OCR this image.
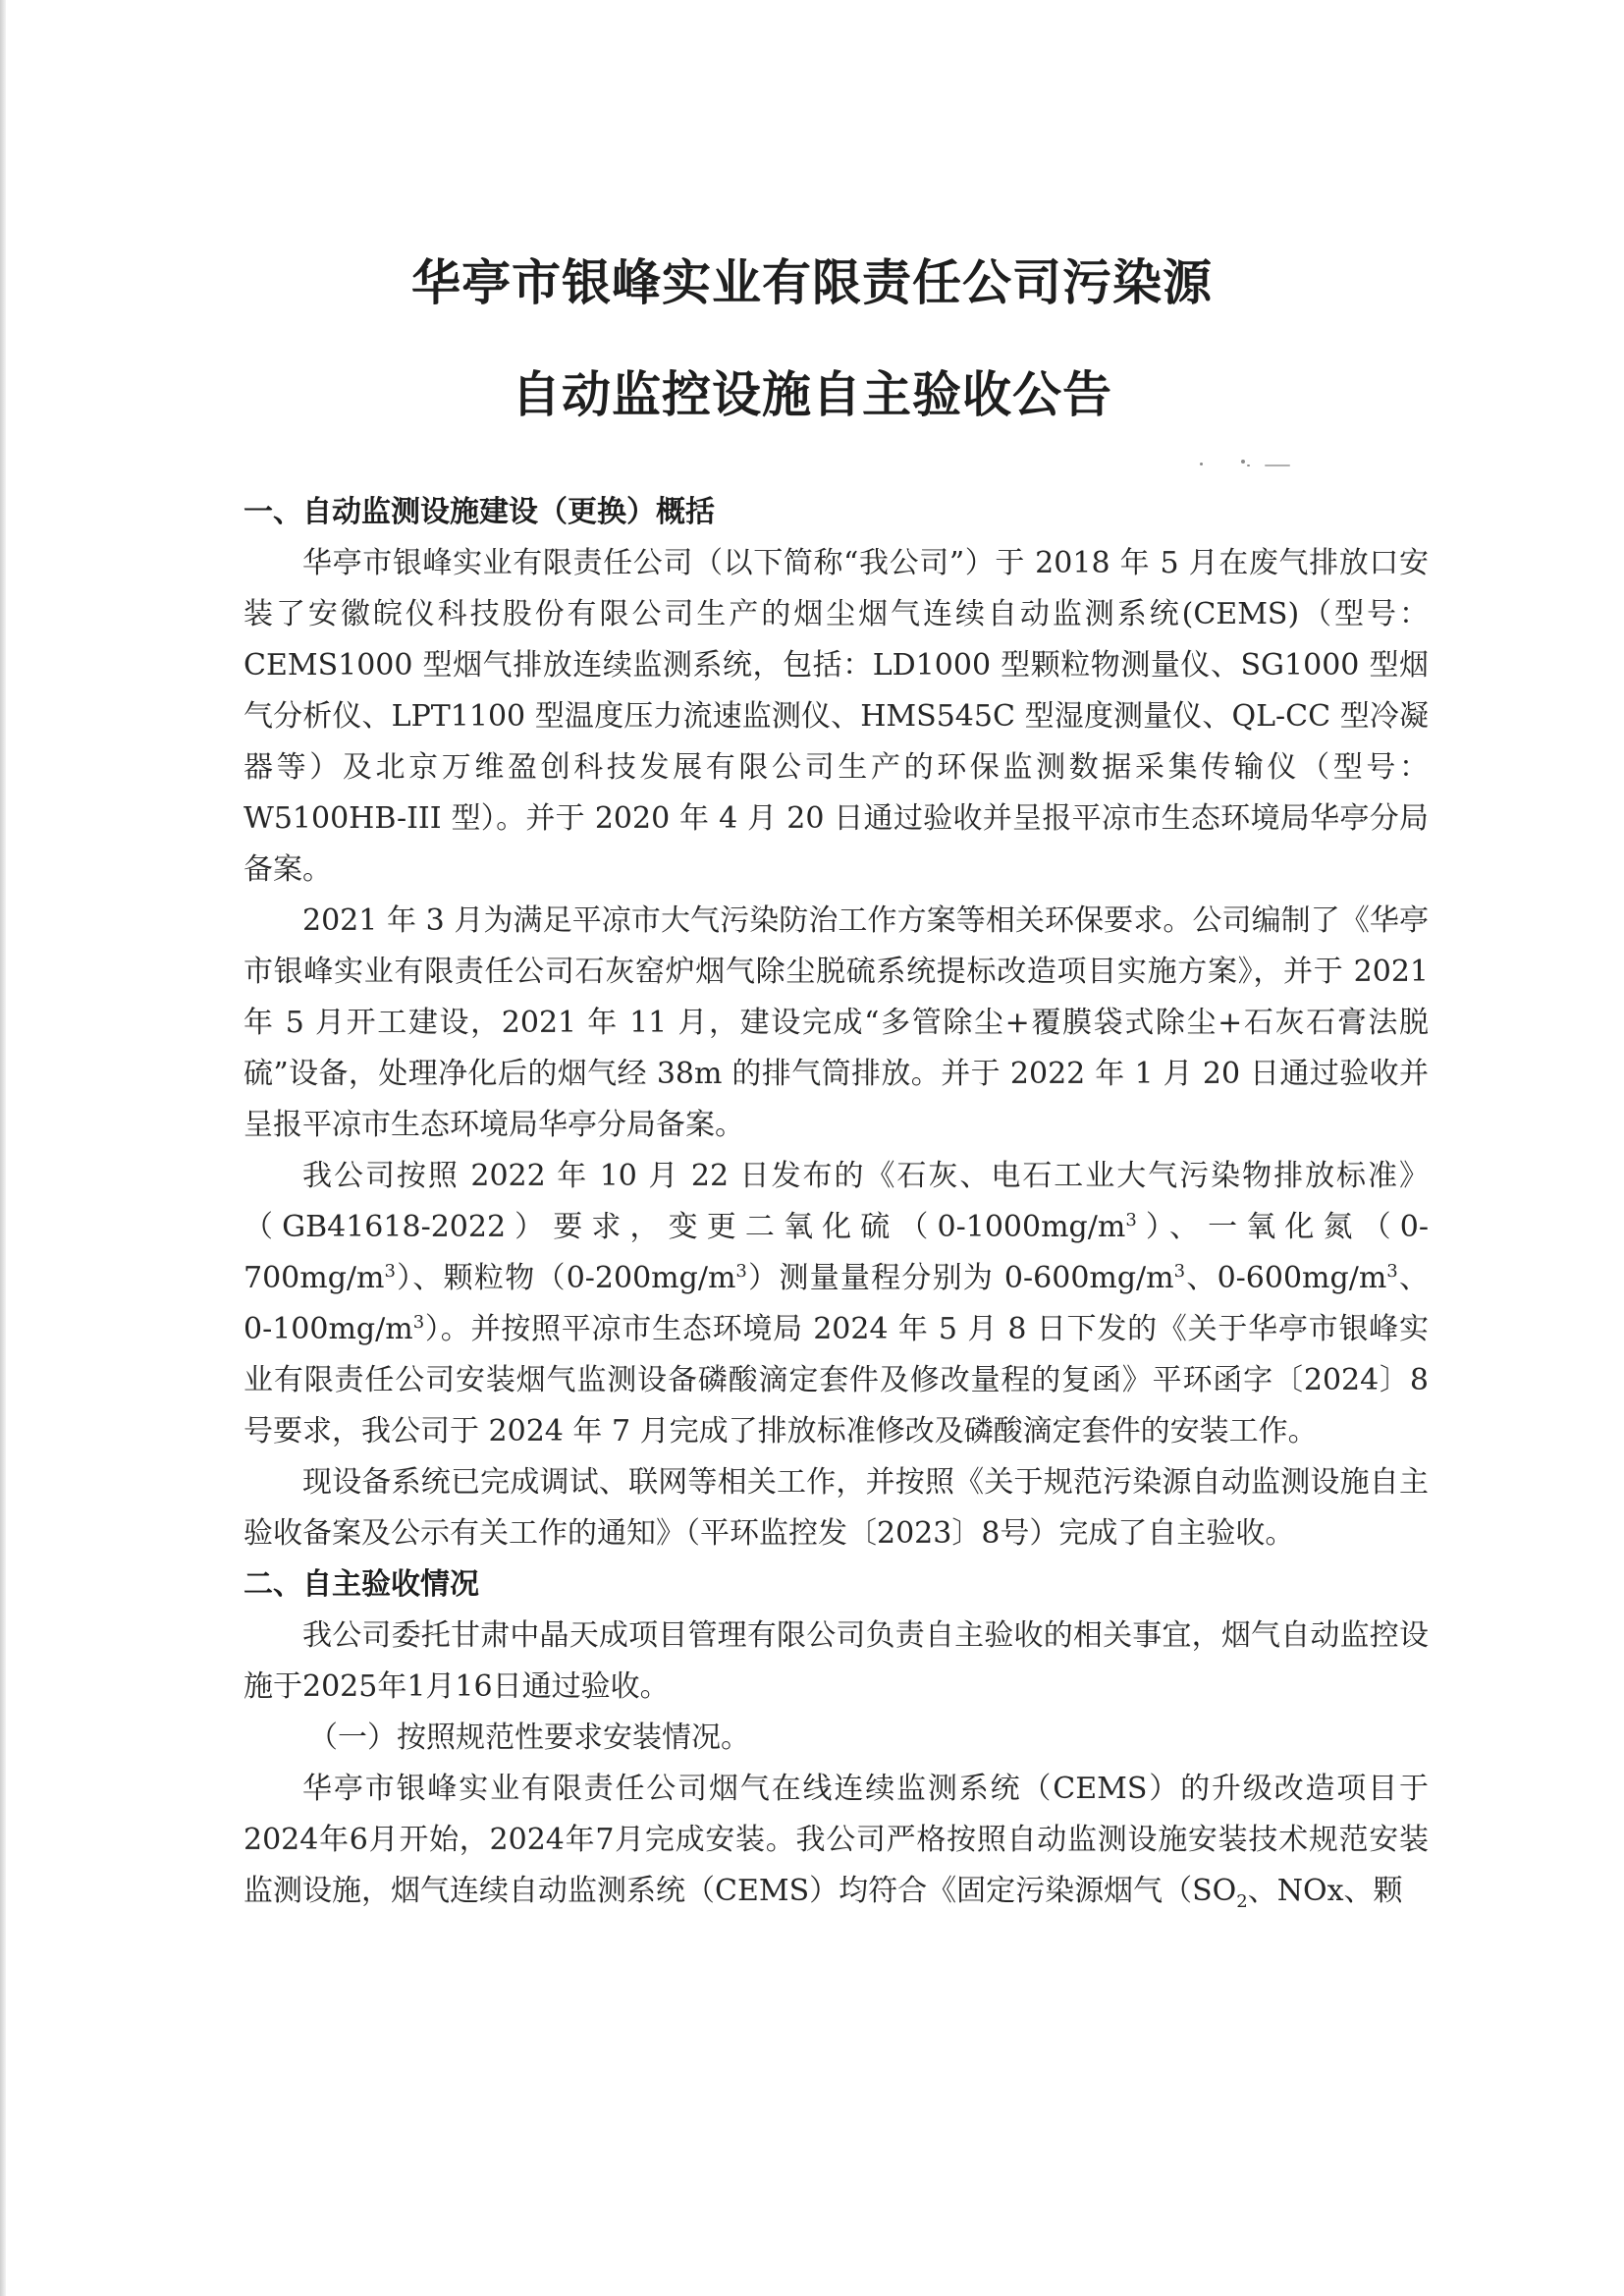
华亭市银峰实业有限责任公司污染源
自动监控设施自主验收公告

一、自动监测设施建设（更换）概括

华亭市银峰实业有限责任公司（以下简称“我公司”）于 2018 年 5 月在废气排放口安装了安徽皖仪科技股份有限公司生产的烟尘烟气连续自动监测系统(CEMS)（型号：CEMS1000 型烟气排放连续监测系统，包括：LD1000 型颗粒物测量仪、SG1000 型烟气分析仪、LPT1100 型温度压力流速监测仪、HMS545C 型湿度测量仪、QL-CC 型冷凝器等）及北京万维盈创科技发展有限公司生产的环保监测数据采集传输仪（型号：W5100HB-III 型）。并于 2020 年 4 月 20 日通过验收并呈报平凉市生态环境局华亭分局备案。

2021 年 3 月为满足平凉市大气污染防治工作方案等相关环保要求。公司编制了《华亭市银峰实业有限责任公司石灰窑炉烟气除尘脱硫系统提标改造项目实施方案》，并于 2021 年 5 月开工建设，2021 年 11 月，建设完成“多管除尘+覆膜袋式除尘+石灰石膏法脱硫”设备，处理净化后的烟气经 38m 的排气筒排放。并于 2022 年 1 月 20 日通过验收并呈报平凉市生态环境局华亭分局备案。

我公司按照 2022 年 10 月 22 日发布的《石灰、电石工业大气污染物排放标准》（GB41618-2022）要求，变更二氧化硫$(0-1000mg/m^3)$、一氧化氮$(0-700mg/m^3)$、颗粒物$(0-200mg/m^3)$测量量程分别为 $0-600mg/m^3$、$0-600mg/m^3$、$0-100mg/m^3$）。并按照平凉市生态环境局 2024 年 5 月 8 日下发的《关于华亭市银峰实业有限责任公司安装烟气监测设备磷酸滴定套件及修改量程的复函》平环函字〔2024〕8 号要求，我公司于 2024 年 7 月完成了排放标准修改及磷酸滴定套件的安装工作。

现设备系统已完成调试、联网等相关工作，并按照《关于规范污染源自动监测设施自主验收备案及公示有关工作的通知》（平环监控发〔2023〕8号）完成了自主验收。

二、自主验收情况

我公司委托甘肃中晶天成项目管理有限公司负责自主验收的相关事宜，烟气自动监控设施于2025年1月16日通过验收。

（一）按照规范性要求安装情况。

华亭市银峰实业有限责任公司烟气在线连续监测系统（CEMS）的升级改造项目于2024年6月开始，2024年7月完成安装。我公司严格按照自动监测设施安装技术规范安装监测设施，烟气连续自动监测系统（CEMS）均符合《固定污染源烟气（$SO_2$、NOx、颗
